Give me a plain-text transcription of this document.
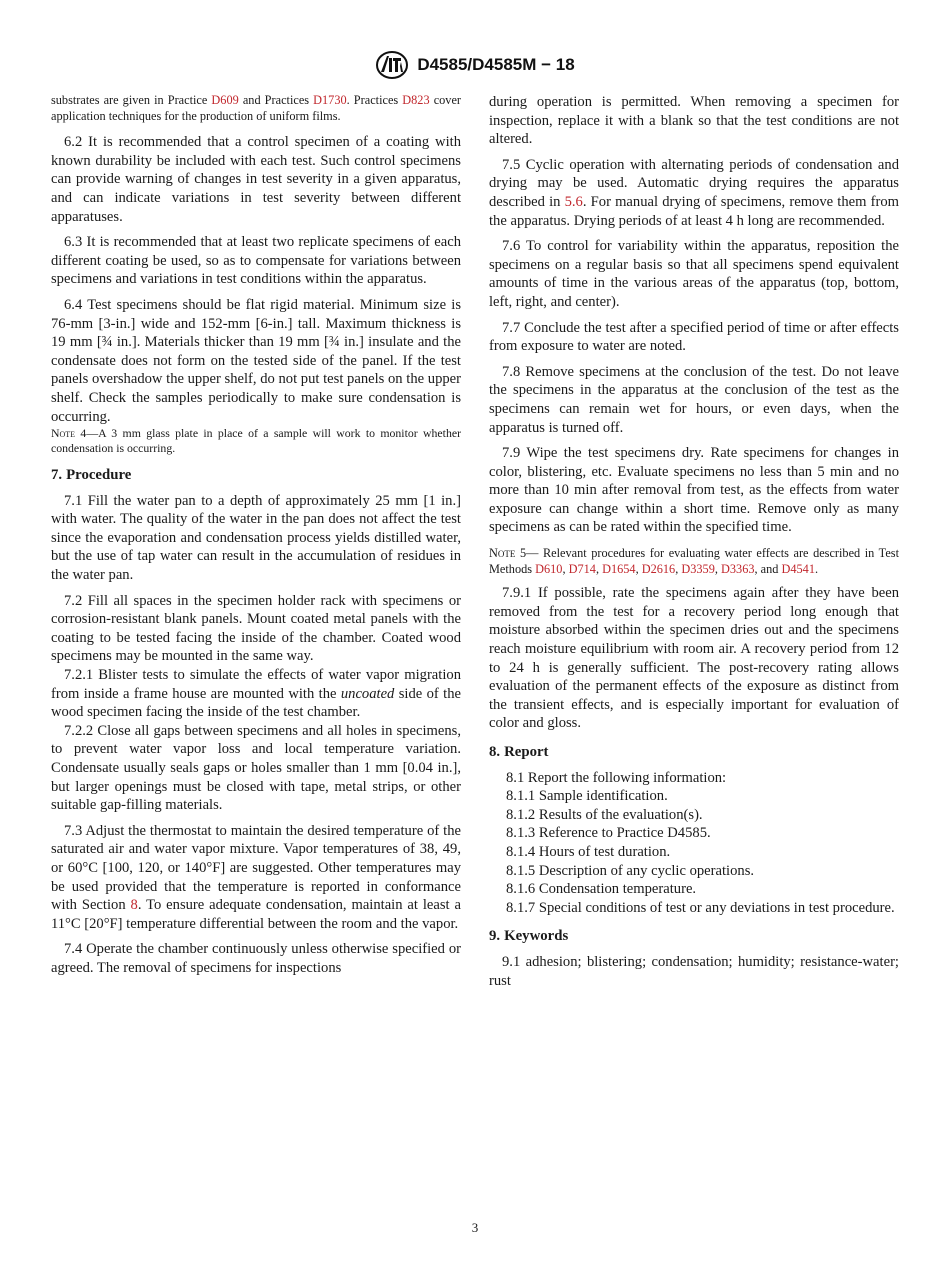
D4585/D4585M − 18

substrates are given in Practice D609 and Practices D1730. Practices D823 cover application techniques for the production of uniform films.

6.2 It is recommended that a control specimen of a coating with known durability be included with each test. Such control specimens can provide warning of changes in test severity in a given apparatus, and can indicate variations in test severity between different apparatuses.

6.3 It is recommended that at least two replicate specimens of each different coating be used, so as to compensate for variations between specimens and variations in test conditions within the apparatus.

6.4 Test specimens should be flat rigid material. Minimum size is 76-mm [3-in.] wide and 152-mm [6-in.] tall. Maximum thickness is 19 mm [¾ in.]. Materials thicker than 19 mm [¾ in.] insulate and the condensate does not form on the tested side of the panel. If the test panels overshadow the upper shelf, do not put test panels on the upper shelf. Check the samples periodically to make sure condensation is occurring.

Note 4—A 3 mm glass plate in place of a sample will work to monitor whether condensation is occurring.

7. Procedure

7.1 Fill the water pan to a depth of approximately 25 mm [1 in.] with water. The quality of the water in the pan does not affect the test since the evaporation and condensation process yields distilled water, but the use of tap water can result in the accumulation of residues in the water pan.

7.2 Fill all spaces in the specimen holder rack with specimens or corrosion-resistant blank panels. Mount coated metal panels with the coating to be tested facing the inside of the chamber. Coated wood specimens may be mounted in the same way.

7.2.1 Blister tests to simulate the effects of water vapor migration from inside a frame house are mounted with the uncoated side of the wood specimen facing the inside of the test chamber.

7.2.2 Close all gaps between specimens and all holes in specimens, to prevent water vapor loss and local temperature variation. Condensate usually seals gaps or holes smaller than 1 mm [0.04 in.], but larger openings must be closed with tape, metal strips, or other suitable gap-filling materials.

7.3 Adjust the thermostat to maintain the desired temperature of the saturated air and water vapor mixture. Vapor temperatures of 38, 49, or 60°C [100, 120, or 140°F] are suggested. Other temperatures may be used provided that the temperature is reported in conformance with Section 8. To ensure adequate condensation, maintain at least a 11°C [20°F] temperature differential between the room and the vapor.

7.4 Operate the chamber continuously unless otherwise specified or agreed. The removal of specimens for inspections

during operation is permitted. When removing a specimen for inspection, replace it with a blank so that the test conditions are not altered.

7.5 Cyclic operation with alternating periods of condensation and drying may be used. Automatic drying requires the apparatus described in 5.6. For manual drying of specimens, remove them from the apparatus. Drying periods of at least 4 h long are recommended.

7.6 To control for variability within the apparatus, reposition the specimens on a regular basis so that all specimens spend equivalent amounts of time in the various areas of the apparatus (top, bottom, left, right, and center).

7.7 Conclude the test after a specified period of time or after effects from exposure to water are noted.

7.8 Remove specimens at the conclusion of the test. Do not leave the specimens in the apparatus at the conclusion of the test as the specimens can remain wet for hours, or even days, when the apparatus is turned off.

7.9 Wipe the test specimens dry. Rate specimens for changes in color, blistering, etc. Evaluate specimens no less than 5 min and no more than 10 min after removal from test, as the effects from water exposure can change within a short time. Remove only as many specimens as can be rated within the specified time.

Note 5— Relevant procedures for evaluating water effects are described in Test Methods D610, D714, D1654, D2616, D3359, D3363, and D4541.

7.9.1 If possible, rate the specimens again after they have been removed from the test for a recovery period long enough that moisture absorbed within the specimen dries out and the specimens reach moisture equilibrium with room air. A recovery period from 12 to 24 h is generally sufficient. The post-recovery rating allows evaluation of the permanent effects of the exposure as distinct from the transient effects, and is especially important for evaluation of color and gloss.

8. Report

8.1 Report the following information:

8.1.1 Sample identification.

8.1.2 Results of the evaluation(s).

8.1.3 Reference to Practice D4585.

8.1.4 Hours of test duration.

8.1.5 Description of any cyclic operations.

8.1.6 Condensation temperature.

8.1.7 Special conditions of test or any deviations in test procedure.

9. Keywords

9.1 adhesion; blistering; condensation; humidity; resistance-water; rust

3
